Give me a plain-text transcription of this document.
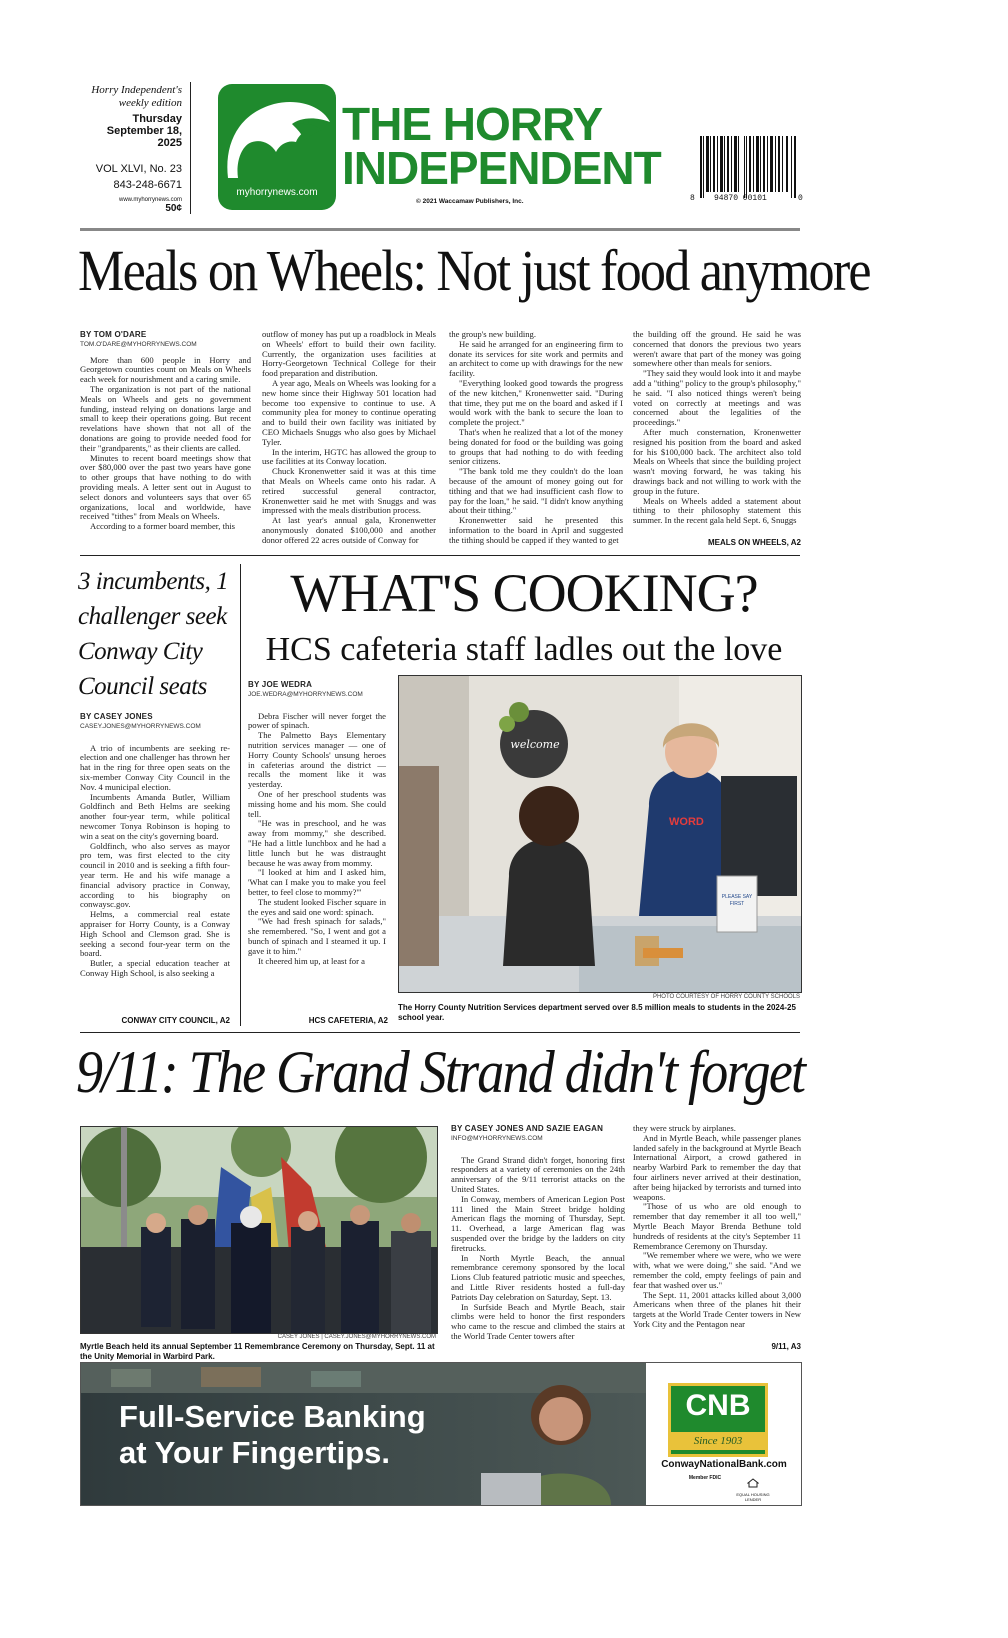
Horry Independent's
weekly edition
Thursday
September 18, 2025
VOL XLVI, No. 23
843-248-6671
www.myhorrynews.com
50¢
myhorrynews.com
THE HORRY
INDEPENDENT
© 2021 Waccamaw Publishers, Inc.	8 94870 00101	0
Meals on Wheels: Not just food anymore
BY TOM O'DARE
TOM.O'DARE@MYHORRYNEWS.COM

More than 600 people in Horry and Georgetown counties count on Meals on Wheels each week for nourishment and a caring smile.

The organization is not part of the national Meals on Wheels and gets no government funding, instead relying on donations large and small to keep their operations going. But recent revelations have shown that not all of the donations are going to provide needed food for their "grandparents," as their clients are called.

Minutes to recent board meetings show that over $80,000 over the past two years have gone to other groups that have nothing to do with providing meals. A letter sent out in August to select donors and volunteers says that over 65 organizations, local and worldwide, have received "tithes" from Meals on Wheels.

According to a former board member, this

outflow of money has put up a roadblock in Meals on Wheels' effort to build their own facility. Currently, the organization uses facilities at Horry-Georgetown Technical College for their food preparation and distribution.

A year ago, Meals on Wheels was looking for a new home since their Highway 501 location had become too expensive to continue to use. A community plea for money to continue operating and to build their own facility was initiated by CEO Michaels Snuggs who also goes by Michael Tyler.

In the interim, HGTC has allowed the group to use facilities at its Conway location.

Chuck Kronenwetter said it was at this time that Meals on Wheels came onto his radar. A retired successful general contractor, Kronenwetter said he met with Snuggs and was impressed with the meals distribution process.

At last year's annual gala, Kronenwetter anonymously donated $100,000 and another donor offered 22 acres outside of Conway for

the group's new building.

He said he arranged for an engineering firm to donate its services for site work and permits and an architect to come up with drawings for the new facility.

"Everything looked good towards the progress of the new kitchen," Kronenwetter said. "During that time, they put me on the board and asked if I would work with the bank to secure the loan to complete the project."

That's when he realized that a lot of the money being donated for food or the building was going to groups that had nothing to do with feeding senior citizens.

"The bank told me they couldn't do the loan because of the amount of money going out for tithing and that we had insufficient cash flow to pay for the loan," he said. "I didn't know anything about their tithing."

Kronenwetter said he presented this information to the board in April and suggested the tithing should be capped if they wanted to get

the building off the ground. He said he was concerned that donors the previous two years weren't aware that part of the money was going somewhere other than meals for seniors.

"They said they would look into it and maybe add a "tithing" policy to the group's philosophy," he said. "I also noticed things weren't being voted on correctly at meetings and was concerned about the legalities of the proceedings."

After much consternation, Kronenwetter resigned his position from the board and asked for his $100,000 back. The architect also told Meals on Wheels that since the building project wasn't moving forward, he was taking his drawings back and not willing to work with the group in the future.

Meals on Wheels added a statement about tithing to their philosophy statement this summer. In the recent gala held Sept. 6, Snuggs

MEALS ON WHEELS, A2
3 incumbents, 1 challenger seek Conway City Council seats
BY CASEY JONES
CASEY.JONES@MYHORRYNEWS.COM

A trio of incumbents are seeking re-election and one challenger has thrown her hat in the ring for three open seats on the six-member Conway City Council in the Nov. 4 municipal election.

Incumbents Amanda Butler, William Goldfinch and Beth Helms are seeking another four-year term, while political newcomer Tonya Robinson is hoping to win a seat on the city's governing board.

Goldfinch, who also serves as mayor pro tem, was first elected to the city council in 2010 and is seeking a fifth four-year term. He and his wife manage a financial advisory practice in Conway, according to his biography on conwaysc.gov.

Helms, a commercial real estate appraiser for Horry County, is a Conway High School and Clemson grad. She is seeking a second four-year term on the board.

Butler, a special education teacher at Conway High School, is also seeking a

CONWAY CITY COUNCIL, A2
WHAT'S COOKING?
HCS cafeteria staff ladles out the love
BY JOE WEDRA
JOE.WEDRA@MYHORRYNEWS.COM

Debra Fischer will never forget the power of spinach.

The Palmetto Bays Elementary nutrition services manager — one of Horry County Schools' unsung heroes in cafeterias around the district — recalls the moment like it was yesterday.

One of her preschool students was missing home and his mom. She could tell.

"He was in preschool, and he was away from mommy," she described. "He had a little lunchbox and he had a little lunch but he was distraught because he was away from mommy.

"I looked at him and I asked him, 'What can I make you to make you feel better, to feel close to mommy?'"

The student looked Fischer square in the eyes and said one word: spinach.

"We had fresh spinach for salads," she remembered. "So, I went and got a bunch of spinach and I steamed it up. I gave it to him."

It cheered him up, at least for a

HCS CAFETERIA, A2
welcome
WORD
PLEASE SAY FIRST
PHOTO COURTESY OF HORRY COUNTY SCHOOLS
The Horry County Nutrition Services department served over 8.5 million meals to students in the 2024-25 school year.
9/11: The Grand Strand didn't forget
CASEY JONES | CASEY.JONES@MYHORRYNEWS.COM
Myrtle Beach held its annual September 11 Remembrance Ceremony on Thursday, Sept. 11 at the Unity Memorial in Warbird Park.
BY CASEY JONES AND SAZIE EAGAN
INFO@MYHORRYNEWS.COM

The Grand Strand didn't forget, honoring first responders at a variety of ceremonies on the 24th anniversary of the 9/11 terrorist attacks on the United States.

In Conway, members of American Legion Post 111 lined the Main Street bridge holding American flags the morning of Thursday, Sept. 11. Overhead, a large American flag was suspended over the bridge by the ladders on city firetrucks.

In North Myrtle Beach, the annual remembrance ceremony sponsored by the local Lions Club featured patriotic music and speeches, and Little River residents hosted a full-day Patriots Day celebration on Saturday, Sept. 13.

In Surfside Beach and Myrtle Beach, stair climbs were held to honor the first responders who came to the rescue and climbed the stairs at the World Trade Center towers after

they were struck by airplanes.

And in Myrtle Beach, while passenger planes landed safely in the background at Myrtle Beach International Airport, a crowd gathered in nearby Warbird Park to remember the day that four airliners never arrived at their destination, after being hijacked by terrorists and turned into weapons.

"Those of us who are old enough to remember that day remember it all too well," Myrtle Beach Mayor Brenda Bethune told hundreds of residents at the city's September 11 Remembrance Ceremony on Thursday.

"We remember where we were, who we were with, what we were doing," she said. "And we remember the cold, empty feelings of pain and fear that washed over us."

The Sept. 11, 2001 attacks killed about 3,000 Americans when three of the planes hit their targets at the World Trade Center towers in New York City and the Pentagon near

9/11, A3
Full-Service Banking
at Your Fingertips.
CNB
Since 1903
ConwayNationalBank.com
Member FDIC
EQUAL HOUSING LENDER
